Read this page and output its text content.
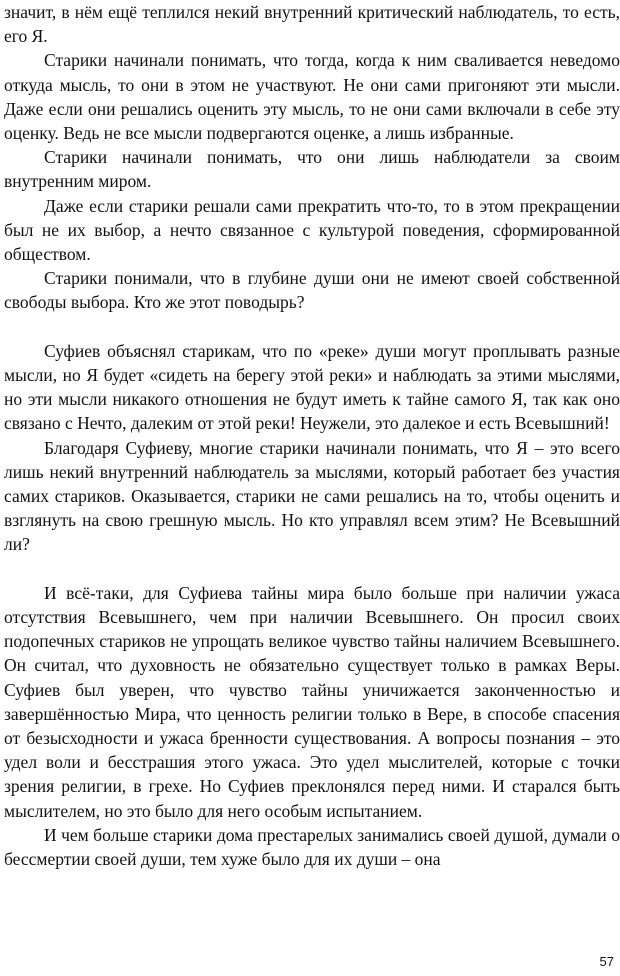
значит, в нём ещё теплился некий внутренний критический наблюдатель, то есть, его Я.

Старики начинали понимать, что тогда, когда к ним сваливается неведомо откуда мысль, то они в этом не участвуют. Не они сами пригоняют эти мысли. Даже если они решались оценить эту мысль, то не они сами включали в себе эту оценку. Ведь не все мысли подвергаются оценке, а лишь избранные.

Старики начинали понимать, что они лишь наблюдатели за своим внутренним миром.

Даже если старики решали сами прекратить что-то, то в этом прекращении был не их выбор, а нечто связанное с культурой поведения, сформированной обществом.

Старики понимали, что в глубине души они не имеют своей собственной свободы выбора. Кто же этот поводырь?

Суфиев объяснял старикам, что по «реке» души могут проплывать разные мысли, но Я будет «сидеть на берегу этой реки» и наблюдать за этими мыслями, но эти мысли никакого отношения не будут иметь к тайне самого Я, так как оно связано с Нечто, далеким от этой реки! Неужели, это далекое и есть Всевышний!

Благодаря Суфиеву, многие старики начинали понимать, что Я – это всего лишь некий внутренний наблюдатель за мыслями, который работает без участия самих стариков. Оказывается, старики не сами решались на то, чтобы оценить и взглянуть на свою грешную мысль. Но кто управлял всем этим? Не Всевышний ли?

И всё-таки, для Суфиева тайны мира было больше при наличии ужаса отсутствия Всевышнего, чем при наличии Всевышнего. Он просил своих подопечных стариков не упрощать великое чувство тайны наличием Всевышнего. Он считал, что духовность не обязательно существует только в рамках Веры. Суфиев был уверен, что чувство тайны уничижается законченностью и завершённостью Мира, что ценность религии только в Вере, в способе спасения от безысходности и ужаса бренности существования. А вопросы познания – это удел воли и бесстрашия этого ужаса. Это удел мыслителей, которые с точки зрения религии, в грехе. Но Суфиев преклонялся перед ними. И старался быть мыслителем, но это было для него особым испытанием.

И чем больше старики дома престарелых занимались своей душой, думали о бессмертии своей души, тем хуже было для их души – она

57
